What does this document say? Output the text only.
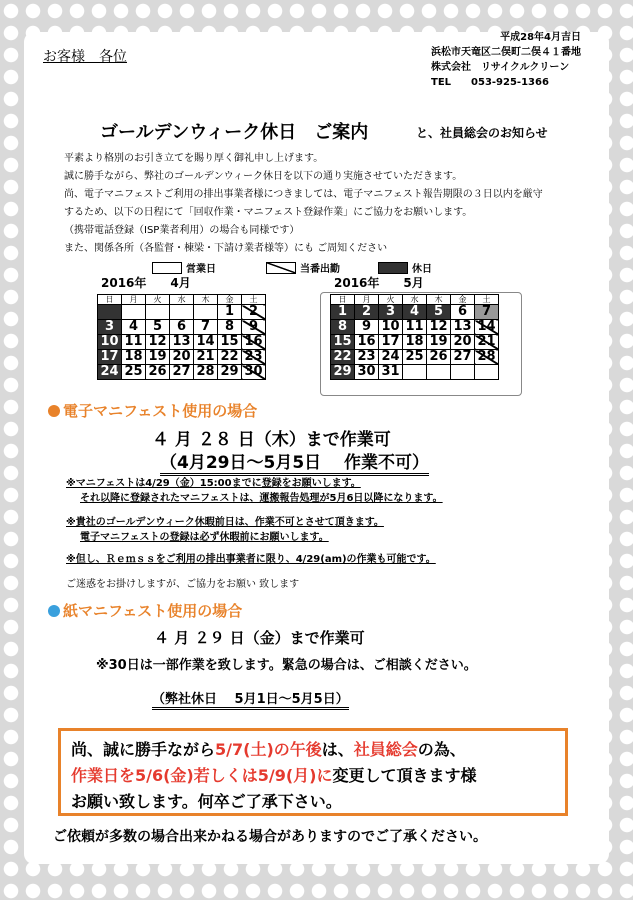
お客様　各位
平成28年4月吉日
浜松市天竜区二俣町二俣４１番地
株式会社　リサイクルクリーン
TEL　　053-925-1366
ゴールデンウィーク休日　ご案内	と、社員総会のお知らせ
平素より格別のお引き立てを賜り厚く御礼申し上げます。
誠に勝手ながら、弊社のゴールデンウィーク休日を以下の通り実施させていただきます。
尚、電子マニフェストご利用の排出事業者様につきましては、電子マニフェスト報告期限の３日以内を厳守
するため、以下の日程にて「回収作業・マニフェスト登録作業」にご協力をお願いします。
（携帯電話登録（ISP業者利用）の場合も同様です）
また、関係各所（各監督・棟梁・下請け業者様等）にも ご周知ください
営業日	当番出勤	休日
2016年　　 4月
日	月	火	水	木	金	土
					1	2
3	4	5	6	7	8	9
10	11	12	13	14	15	16
17	18	19	20	21	22	23
24	25	26	27	28	29	30
2016年　　 5月
日	月	火	水	木	金	土
1	2	3	4	5	6	7
8	9	10	11	12	13	14
15	16	17	18	19	20	21
22	23	24	25	26	27	28
29	30	31				
電子マニフェスト使用の場合
４ 月 ２８ 日（木）まで作業可
（4月29日～5月5日　 作業不可）
※マニフェストは4/29（金）15:00までに登録をお願いします。
それ以降に登録されたマニフェストは、運搬報告処理が5月6日以降になります。
※貴社のゴールデンウィーク休暇前日は、作業不可とさせて頂きます。
電子マニフェストの登録は必ず休暇前にお願いします。
※但し、Ｒｅｍｓｓをご利用の排出事業者に限り、4/29(am)の作業も可能です。
ご迷惑をお掛けしますが、ご協力をお願い 致します
紙マニフェスト使用の場合
４ 月 ２９ 日（金）まで作業可
※30日は一部作業を致します。緊急の場合は、ご相談ください。
（弊社休日　 5月1日～5月5日）
尚、誠に勝手ながら5/7(土)の午後は、社員総会の為、
作業日を5/6(金)若しくは5/9(月)に変更して頂きます様
お願い致します。何卒ご了承下さい。
ご依頼が多数の場合出来かねる場合がありますのでご了承ください。
